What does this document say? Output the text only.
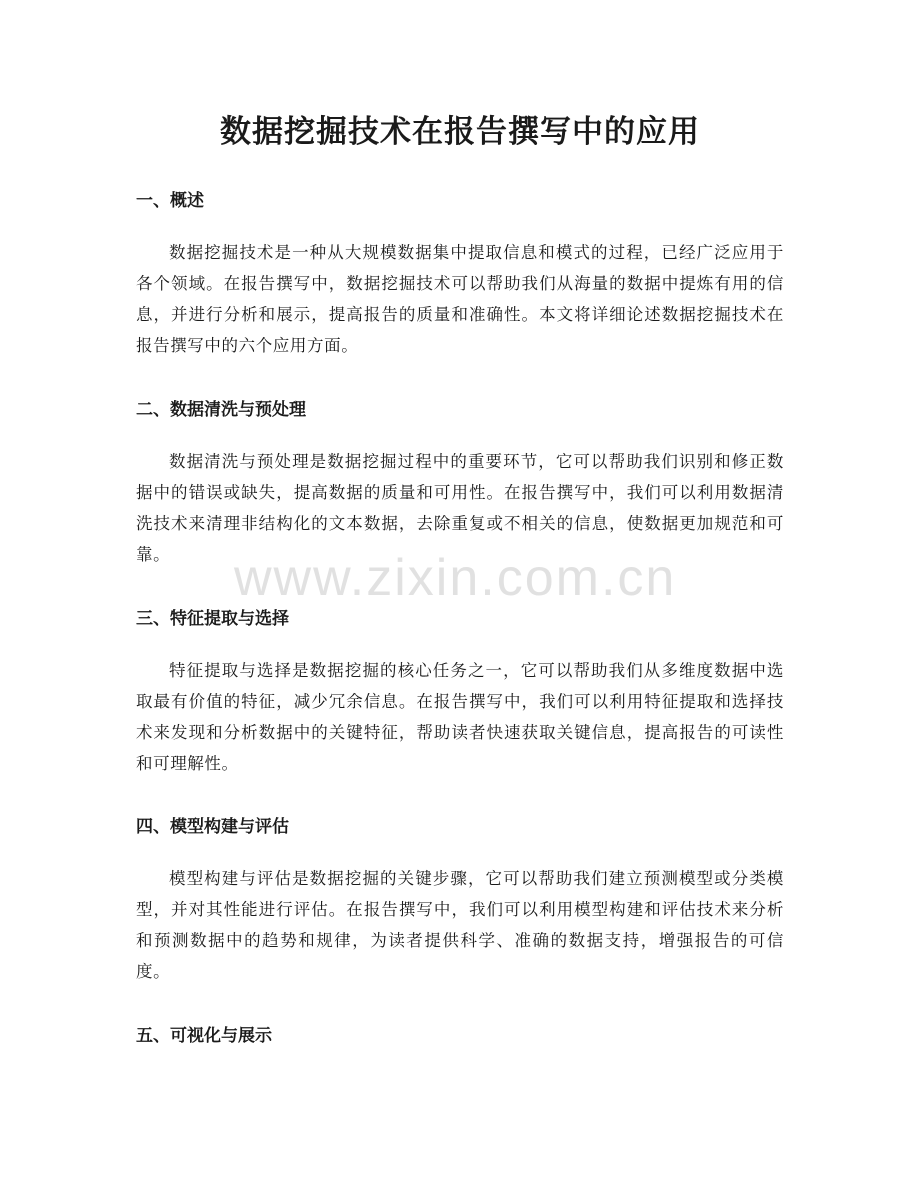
数据挖掘技术在报告撰写中的应用
一、概述

数据挖掘技术是一种从大规模数据集中提取信息和模式的过程，已经广泛应用于各个领域。在报告撰写中，数据挖掘技术可以帮助我们从海量的数据中提炼有用的信息，并进行分析和展示，提高报告的质量和准确性。本文将详细论述数据挖掘技术在报告撰写中的六个应用方面。

二、数据清洗与预处理

数据清洗与预处理是数据挖掘过程中的重要环节，它可以帮助我们识别和修正数据中的错误或缺失，提高数据的质量和可用性。在报告撰写中，我们可以利用数据清洗技术来清理非结构化的文本数据，去除重复或不相关的信息，使数据更加规范和可靠。

三、特征提取与选择

特征提取与选择是数据挖掘的核心任务之一，它可以帮助我们从多维度数据中选取最有价值的特征，减少冗余信息。在报告撰写中，我们可以利用特征提取和选择技术来发现和分析数据中的关键特征，帮助读者快速获取关键信息，提高报告的可读性和可理解性。

四、模型构建与评估

模型构建与评估是数据挖掘的关键步骤，它可以帮助我们建立预测模型或分类模型，并对其性能进行评估。在报告撰写中，我们可以利用模型构建和评估技术来分析和预测数据中的趋势和规律，为读者提供科学、准确的数据支持，增强报告的可信度。

五、可视化与展示
www.zixin.com.cn
